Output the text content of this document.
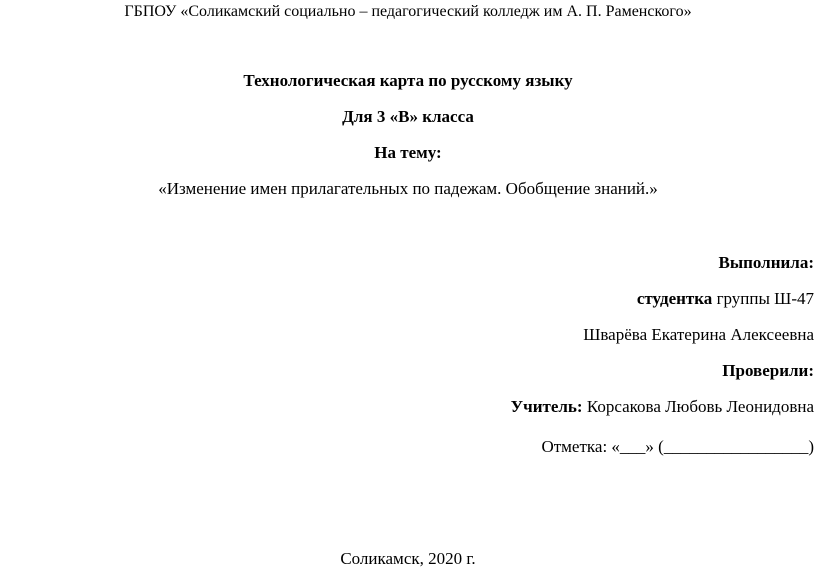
ГБПОУ «Соликамский социально – педагогический колледж им А. П. Раменского»
Технологическая карта по русскому языку
Для 3 «В» класса
На тему:
«Изменение имен прилагательных по падежам. Обобщение знаний.»
Выполнила:
студентка группы Ш-47
Шварёва Екатерина Алексеевна
Проверили:
Учитель: Корсакова Любовь Леонидовна
Отметка: «___» (_________________)
Соликамск, 2020 г.
